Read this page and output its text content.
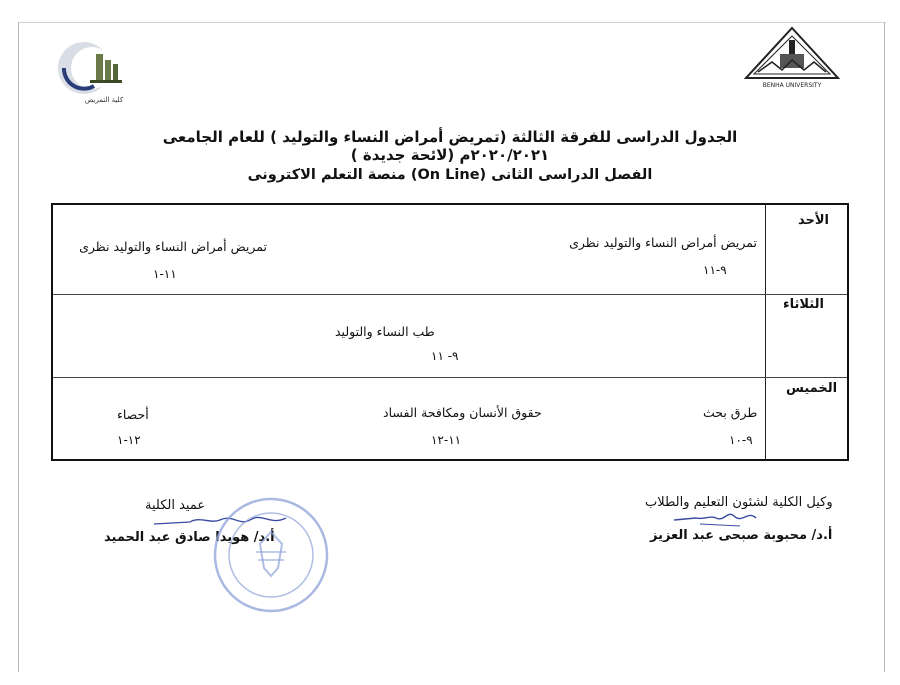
كلية التمريض
BENHA UNIVERSITY
الجدول الدراسى للفرقة الثالثة (تمريض أمراض النساء والتوليد ) للعام الجامعى ٢٠٢٠/٢٠٢١م (لائحة جديدة )
الفصل الدراسى الثانى (On Line) منصة التعلم الاكترونى
الأحد
تمريض أمراض النساء والتوليد نظرى
٩-١١
تمريض أمراض النساء والتوليد نظرى
١١-١
الثلاثاء
طب النساء والتوليد
٩- ١١
الخميس
طرق بحث
٩-١٠
حقوق الأنسان ومكافحة الفساد
١١-١٢
أحصاء
١٢-١
وكيل الكلية لشئون التعليم والطلاب
أ.د/ محبوبة صبحى عبد العزيز
عميد الكلية
أ.د/ هويدا صادق عبد الحميد
